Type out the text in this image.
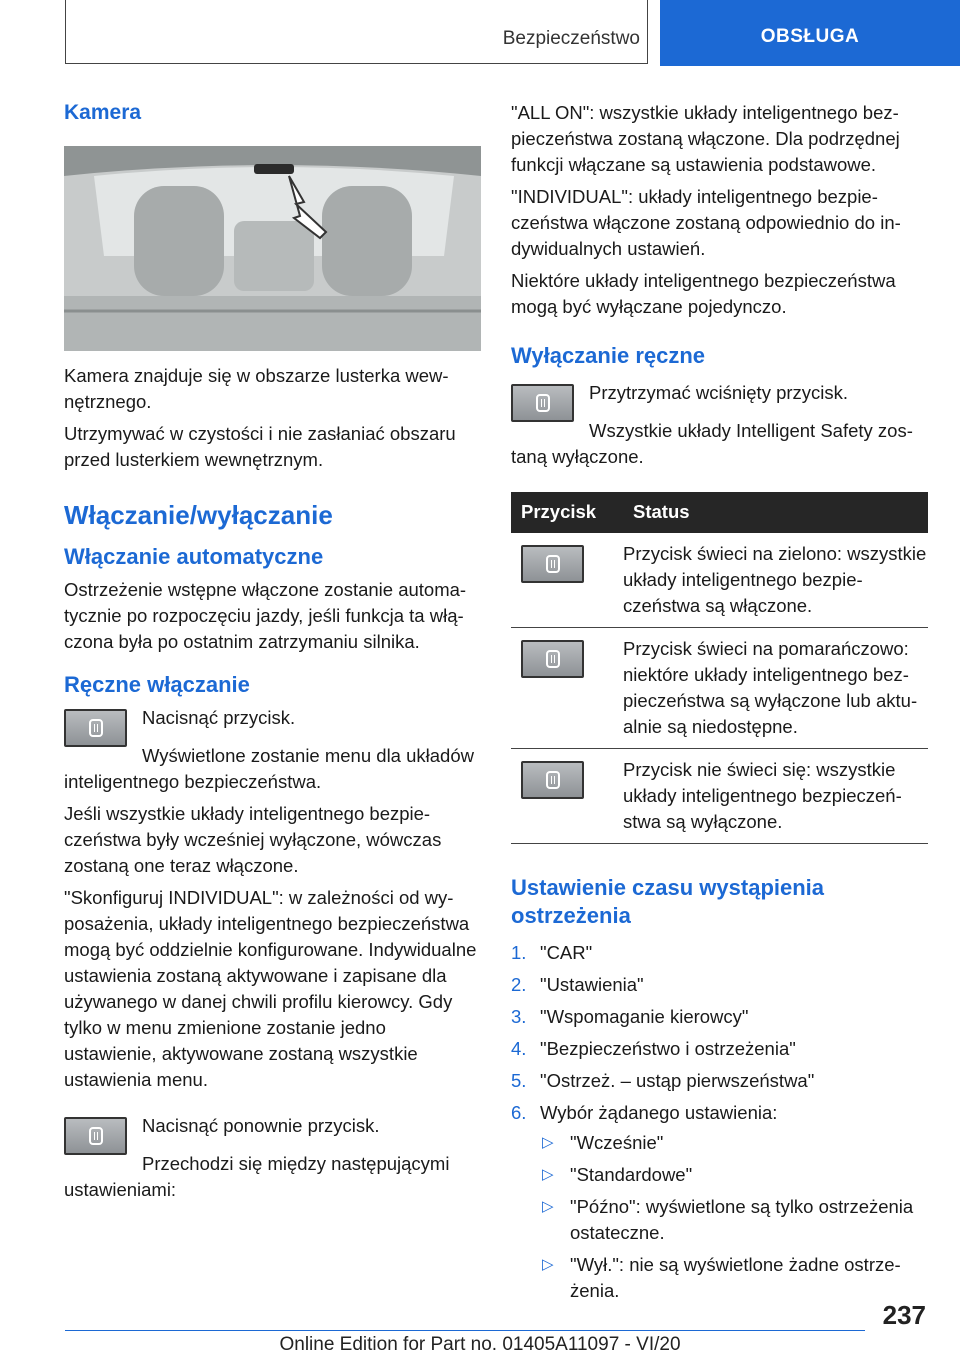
Bezpieczeństwo	OBSŁUGA
Kamera

Kamera znajduje się w obszarze lusterka wewnętrznego.

Utrzymywać w czystości i nie zasłaniać obszaru przed lusterkiem wewnętrznym.

Włączanie/wyłączanie
Włączanie automatyczne

Ostrzeżenie wstępne włączone zostanie automatycznie po rozpoczęciu jazdy, jeśli funkcja ta włączona była po ostatnim zatrzymaniu silnika.

Ręczne włączanie

Nacisnąć przycisk.

Wyświetlone zostanie menu dla układów inteligentnego bezpieczeństwa.

Jeśli wszystkie układy inteligentnego bezpieczeństwa były wcześniej wyłączone, wówczas zostaną one teraz włączone.

"Skonfiguruj INDIVIDUAL": w zależności od wyposażenia, układy inteligentnego bezpieczeństwa mogą być oddzielnie konfigurowane. Indywidualne ustawienia zostaną aktywowane i zapisane dla używanego w danej chwili profilu kierowcy. Gdy tylko w menu zmienione zostanie jedno ustawienie, aktywowane zostaną wszystkie ustawienia menu.

Nacisnąć ponownie przycisk.

Przechodzi się między następującymi ustawieniami:

"ALL ON": wszystkie układy inteligentnego bezpieczeństwa zostaną włączone. Dla podrzędnej funkcji włączane są ustawienia podstawowe.

"INDIVIDUAL": układy inteligentnego bezpieczeństwa włączone zostaną odpowiednio do indywidualnych ustawień.

Niektóre układy inteligentnego bezpieczeństwa mogą być wyłączane pojedynczo.

Wyłączanie ręczne

Przytrzymać wciśnięty przycisk.

Wszystkie układy Intelligent Safety zostaną wyłączone.

Przycisk	Status

	Przycisk świeci na zielono: wszystkie układy inteligentnego bezpieczeństwa są włączone.

	Przycisk świeci na pomarańczowo: niektóre układy inteligentnego bezpieczeństwa są wyłączone lub aktualnie są niedostępne.

	Przycisk nie świeci się: wszystkie układy inteligentnego bezpieczeństwa są wyłączone.
Ustawienie czasu wystąpienia ostrzeżenia
1. "CAR"
2. "Ustawienia"
3. "Wspomaganie kierowcy"
4. "Bezpieczeństwo i ostrzeżenia"
5. "Ostrzeż. – ustąp pierwszeństwa"
6. Wybór żądanego ustawienia:
▷ "Wcześnie"
▷ "Standardowe"
▷ "Późno": wyświetlone są tylko ostrzeżenia ostateczne.
▷ "Wył.": nie są wyświetlone żadne ostrzeżenia.
237
Online Edition for Part no. 01405A11097 - VI/20
